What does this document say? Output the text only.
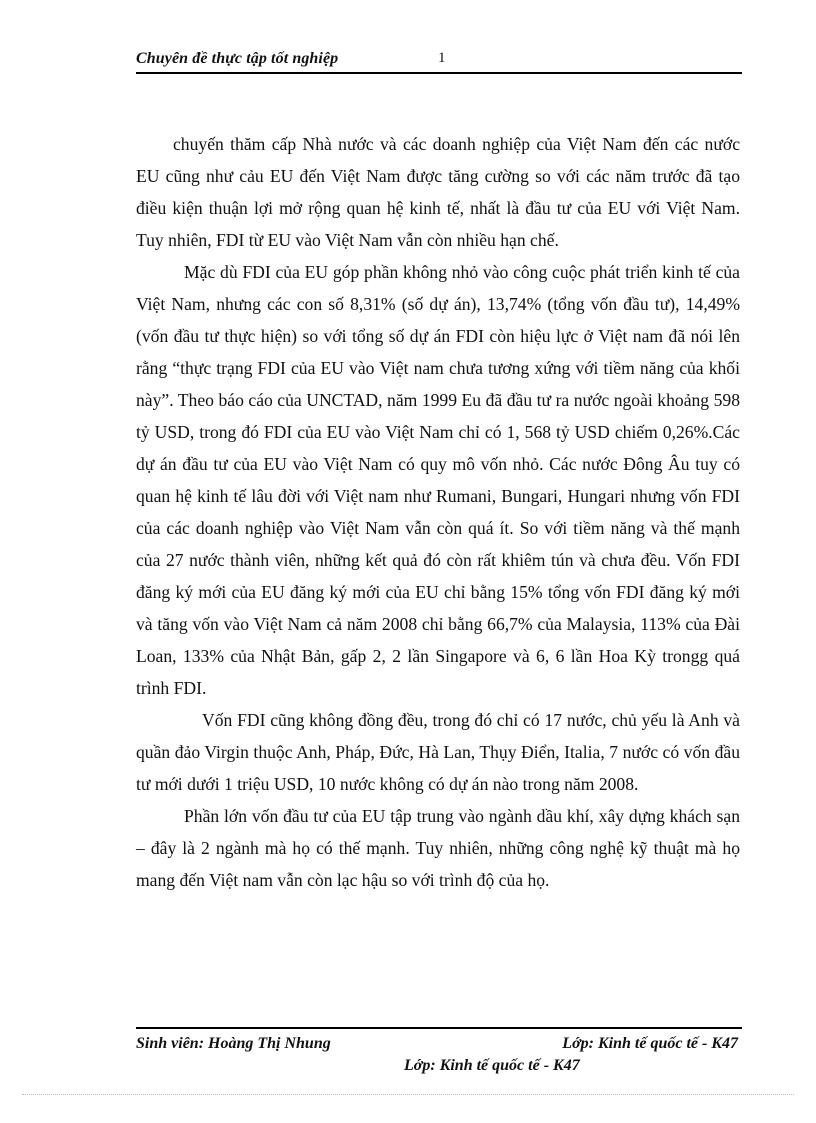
Chuyên đề thực tập tốt nghiệp	1

chuyến thăm cấp Nhà nước và các doanh nghiệp của Việt Nam đến các nước EU cũng như cảu EU đến Việt Nam được tăng cường so với các năm trước đã tạo điều kiện thuận lợi mở rộng quan hệ kinh tế, nhất là đầu tư của EU với Việt Nam. Tuy nhiên, FDI từ EU vào Việt Nam vẫn còn nhiều hạn chế.

Mặc dù FDI của EU góp phần không nhỏ vào công cuộc phát triển kinh tế của Việt Nam, nhưng các con số 8,31% (số dự án), 13,74% (tổng vốn đầu tư), 14,49% (vốn đầu tư thực hiện) so với tổng số dự án FDI còn hiệu lực ở Việt nam đã nói lên rằng “thực trạng FDI của EU vào Việt nam chưa tương xứng với tiềm năng của khối này”. Theo báo cáo của UNCTAD, năm 1999 Eu đã đầu tư ra nước ngoài khoảng 598 tỷ USD, trong đó FDI của EU vào Việt Nam chỉ có 1, 568 tỷ USD chiếm 0,26%.Các dự án đầu tư của EU vào Việt Nam có quy mô vốn nhỏ. Các nước Đông Âu tuy có quan hệ kinh tế lâu đời với Việt nam như Rumani, Bungari, Hungari nhưng vốn FDI của các doanh nghiệp vào Việt Nam vẫn còn quá ít. So với tiềm năng và thế mạnh của 27 nước thành viên, những kết quả đó còn rất khiêm tún và chưa đều. Vốn FDI đăng ký mới của EU đăng ký mới của EU chỉ bằng 15% tổng vốn FDI đăng ký mới và tăng vốn vào Việt Nam cả năm 2008 chỉ bằng 66,7% của Malaysia, 113% của Đài Loan, 133% của Nhật Bản, gấp 2, 2 lần Singapore và 6, 6 lần Hoa Kỳ trongg quá trình FDI.

Vốn FDI cũng không đồng đều, trong đó chỉ có 17 nước, chủ yếu là Anh và quần đảo Virgin thuộc Anh, Pháp, Đức, Hà Lan, Thụy Điển, Italia, 7 nước có vốn đầu tư mới dưới 1 triệu USD, 10 nước không có dự án nào trong năm 2008.

Phần lớn vốn đầu tư của EU tập trung vào ngành dầu khí, xây dựng khách sạn – đây là 2 ngành mà họ có thế mạnh. Tuy nhiên, những công nghệ kỹ thuật mà họ mang đến Việt nam vẫn còn lạc hậu so với trình độ của họ.

Sinh viên: Hoàng Thị Nhung	Lớp: Kinh tế quốc tế - K47
Lớp: Kinh tế quốc tế - K47
